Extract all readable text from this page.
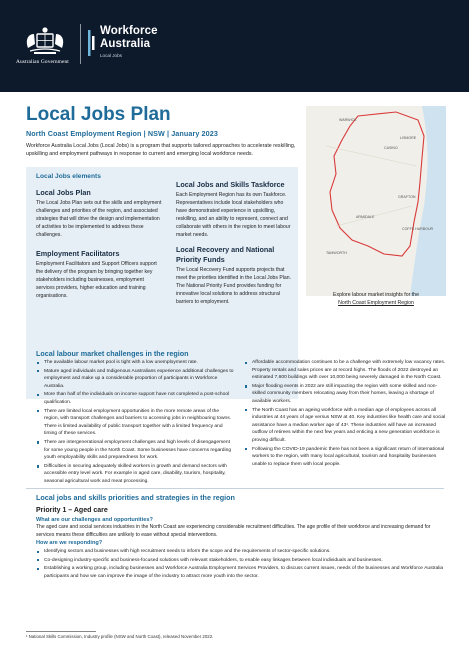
Australian Government
Workforce
Australia
Local Jobs
Local Jobs Plan
North Coast Employment Region | NSW | January 2023
Workforce Australia Local Jobs (Local Jobs) is a program that supports tailored approaches to accelerate reskilling, upskilling and employment pathways in response to current and emerging local workforce needs.
Local Jobs elements
Local Jobs Plan
The Local Jobs Plan sets out the skills and employment challenges and priorities of the region, and associated strategies that will drive the design and implementation of activities to be implemented to address these challenges.
Employment Facilitators
Employment Facilitators and Support Officers support the delivery of the program by bringing together key stakeholders including businesses, employment services providers, higher education and training organisations.
Local Jobs and Skills Taskforce
Each Employment Region has its own Taskforce. Representatives include local stakeholders who have demonstrated experience in upskilling, reskilling, and an ability to represent, connect and collaborate with others in the region to meet labour market needs.
Local Recovery and National
Priority Funds
The Local Recovery Fund supports projects that meet the priorities identified in the Local Jobs Plan. The National Priority Fund provides funding for innovative local solutions to address structural barriers to employment.
WARWICK
LISMORE
CASINO
GRAFTON
ARMIDALE
COFFS HARBOUR
TAMWORTH
Explore labour market insights for the
North Coast Employment Region
Local labour market challenges in the region
The available labour market pool is tight with a low unemployment rate.
Mature aged individuals and Indigenous Australians experience additional challenges to employment and make up a considerable proportion of participants in Workforce Australia.
More than half of the individuals on income support have not completed a post-school qualification.
There are limited local employment opportunities in the more remote areas of the region, with transport challenges and barriers to accessing jobs in neighbouring towns. There is limited availability of public transport together with a limited frequency and timing of these services.
There are intergenerational employment challenges and high levels of disengagement for some young people in the North Coast. Some businesses have concerns regarding youth employability skills and preparedness for work.
Difficulties in securing adequately skilled workers in growth and demand sectors with accessible entry level work. For example in aged care, disability, tourism, hospitality, seasonal agricultural work and meat processing.
Affordable accommodation continues to be a challenge with extremely low vacancy rates. Property rentals and sales prices are at record highs. The floods of 2022 destroyed an estimated 7,600 buildings with over 10,000 being severely damaged in the North Coast.
Major flooding events in 2022 are still impacting the region with some skilled and non-skilled community members relocating away from their homes, leaving a shortage of available workers.
The North Coast has an ageing workforce with a median age of employees across all industries at 44 years of age versus NSW at 40. Key industries like health care and social assistance have a median worker age of 43¹. These industries will have an increased outflow of retirees within the next few years and enticing a new generation workforce is proving difficult.
Following the COVID-19 pandemic there has not been a significant return of international workers to the region, with many local agricultural, tourism and hospitality businesses unable to replace them with local people.
Local jobs and skills priorities and strategies in the region
Priority 1 – Aged care
What are our challenges and opportunities?
The aged care and social services industries in the North Coast are experiencing considerable recruitment difficulties. The age profile of their workforce and increasing demand for services means these difficulties are unlikely to ease without special interventions.
How are we responding?
Identifying sectors and businesses with high recruitment needs to inform the scope and the requirements of sector-specific solutions.
Co-designing industry-specific and business-focused solutions with relevant stakeholders, to enable easy linkages between local individuals and businesses.
Establishing a working group, including businesses and Workforce Australia Employment Services Providers, to discuss current issues, needs of the businesses and Workforce Australia participants and how we can improve the image of the industry to attract more youth into the sector.
¹ National Skills Commission, Industry profile (NSW and North Coast), released November 2022.
